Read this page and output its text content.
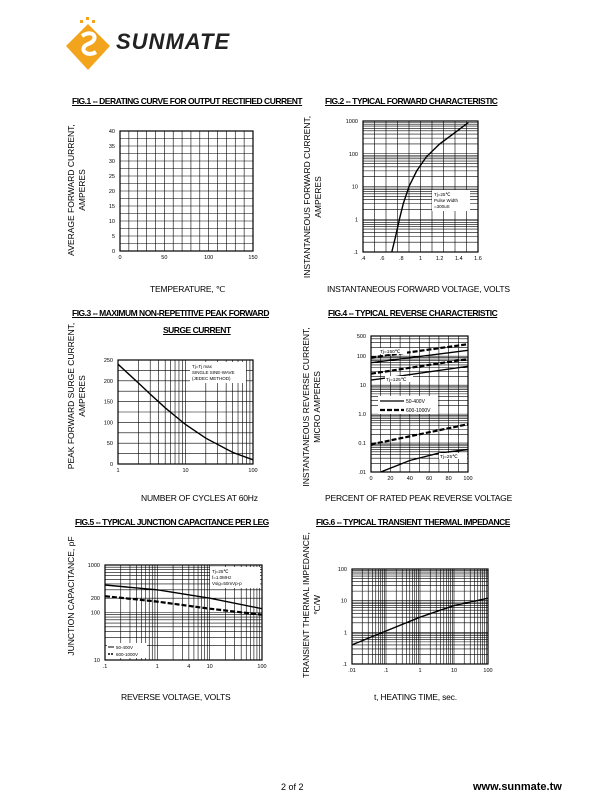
SUNMATE
FIG.1 -- DERATING CURVE FOR OUTPUT RECTIFIED CURRENT
TEMPERATURE, ℃
AVERAGE FORWARD CURRENT, AMPERES
0	50	100	150
0
5
10
15
20
25
30
35
40
FIG.2 -- TYPICAL FORWARD CHARACTERISTIC
INSTANTANEOUS FORWARD VOLTAGE, VOLTS
INSTANTANEOUS FORWARD CURRENT, AMPERES
.4	.6	.8	1	1.2 1.4 1.6
.1
1
10
100
1000
Tj=25℃
Pulse Width
=300uS
FIG.3 -- MAXIMUM NON-REPETITIVE PEAK FORWARD
SURGE CURRENT
NUMBER OF CYCLES AT 60Hz
PEAK FORWARD SURGE CURRENT, AMPERES
1	10	100
0
50
100
150
200
250
Tj=Tj max
SINGLE SINE-WAVE
(JEDEC METHOD)
FIG.4 -- TYPICAL REVERSE CHARACTERISTIC
PERCENT OF RATED PEAK REVERSE VOLTAGE
INSTANTANEOUS REVERSE CURRENT, MICRO AMPERES
0	20 40 60 80 100
.01
0.1
1.0
10
100
500
Tj=150℃
Tj=125℃
Tj=25℃
50-400V
600-1000V
FIG.5 -- TYPICAL JUNCTION CAPACITANCE PER LEG
REVERSE VOLTAGE, VOLTS
JUNCTION CAPACITANCE, pF
.1	1	4	10	100
10
100
200
1000
Tj=25℃
f=1.0MHz
Vsig=50mVp-p
50-400V
600-1000V
FIG.6 -- TYPICAL TRANSIENT THERMAL IMPEDANCE
t, HEATING TIME, sec.
TRANSIENT THERMAL IMPEDANCE, ℃/W
.01	.1	1	10	100
.1
1
10
100
2 of 2	www.sunmate.tw
